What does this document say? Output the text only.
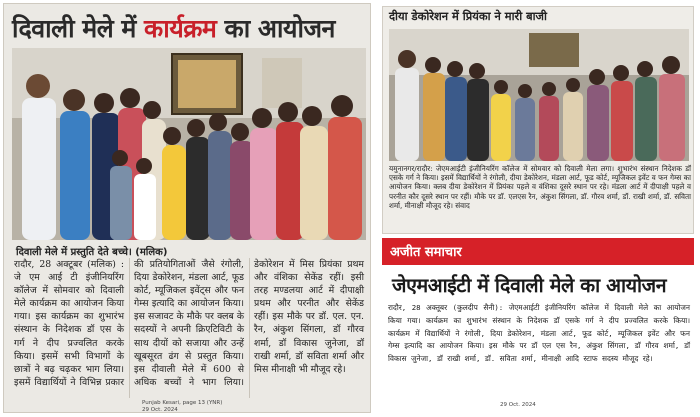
दिवाली मेले में कार्यक्रम का आयोजन
दिवाली मेले में प्रस्तुति देते बच्चे। (मलिक)
रादौर, 28 अक्टूबर (मलिक) : जे एम आई टी इंजीनियरिंग कॉलेज में सोमवार को दिवाली मेले कार्यक्रम का आयोजन किया गया। इस कार्यक्रम का शुभारंभ संस्थान के निदेशक डॉ एस के गर्ग ने दीप प्रज्वलित करके किया। इसमें सभी विभागों के छात्रों ने बढ़ चढ़कर भाग लिया। इसमें विद्यार्थियों ने विभिन्न प्रकार की प्रतियोगिताओं जैसे रंगोली, दिया डेकोरेशन, मंडला आर्ट, फूड कोर्ट, म्यूजिकल इवेंट्स और फन गेम्स इत्यादि का आयोजन किया। इस सजावट के मौके पर क्लब के सदस्यों ने अपनी क्रिएटिविटी के साथ दीयों को सजाया और उन्हें खूबसूरत ढंग से प्रस्तुत किया। इस दीवाली मेले में 600 से अधिक बच्चों ने भाग लिया। डेकोरेशन में मिस प्रियंका प्रथम और वंशिका सेकेंड रहीं। इसी तरह मण्डलया आर्ट में दीपाक्षी प्रथम और परनीत और सेकेंड रहीं। इस मौके पर डॉ. एल. एन. रैन, अंकुश सिंगला, डॉ गौरव शर्मा, डॉ विकास जुनेजा, डॉ राखी शर्मा, डॉ सविता शर्मा और मिस मीनाक्षी भी मौजूद रहे।
Punjab Kesari, page 13 (YNR)
29 Oct. 2024
दीया डेकोरेशन में प्रियंका ने मारी बाजी
यमुनानगर/रादौर: जेएमआईटी इंजीनियरिंग कॉलेज में सोमवार को दिवाली मेला लगा। शुभारंभ संस्थान निदेशक डॉ एसके गर्ग ने किया। इसमें विद्यार्थियों ने रंगोली, दीया डेकोरेशन, मंडला आर्ट, फूड कोर्ट, म्यूजिकल इवेंट व फन गेम्स का आयोजन किया। क्लब दीया डेकोरेशन में प्रियंका पहले व वंशिका दूसरे स्थान पर रहे। मंडला आर्ट में दीपाक्षी पहले व परनीत कौर दूसरे स्थान पर रहीं। मौके पर डॉ. एलएस रैन, अंकुश सिंगला, डॉ. गौरव शर्मा, डॉ. राखी शर्मा, डॉ. सविता शर्मा, मीनाक्षी मौजूद रहे। संवाद
अजीत समाचार
जेएमआईटी में दिवाली मेले का आयोजन
रादौर, 28 अक्तूबर (कुलदीप सैनी): जेएमआईटी इंजीनियरिंग कॉलेज में दिवाली मेले का आयोजन किया गया। कार्यक्रम का शुभारंभ संस्थान के निदेशक डॉ एसके गर्ग ने दीप प्रज्वलित करके किया। कार्यक्रम में विद्यार्थियों ने रंगोली, दिया डेकोरेशन, मंडला आर्ट, फूड कोर्ट, म्यूजिकल इवेंट और फन गेम्स इत्यादि का आयोजन किया। इस मौके पर डॉ एल एस रैन, अंकुश सिंगला, डॉ गौरव शर्मा, डॉ विकास जुनेजा, डॉ राखी शर्मा, डॉ. सविता शर्मा, मीनाक्षी आदि स्टाफ सदस्य मौजूद रहे।
29 Oct. 2024
